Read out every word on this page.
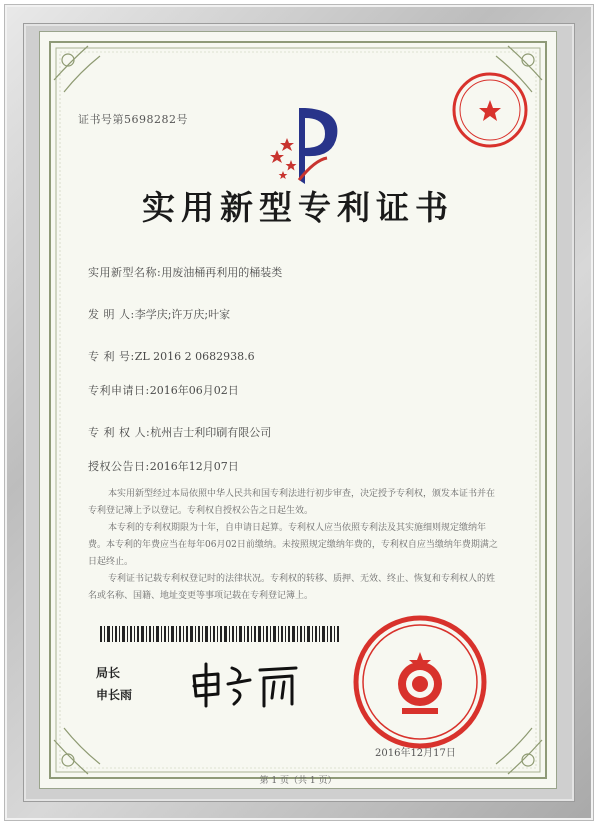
证书号第5698282号
实用新型专利证书
实用新型名称:用废油桶再利用的桶装类
发 明 人:李学庆;许万庆;叶家
专 利 号:ZL 2016 2 0682938.6
专利申请日:2016年06月02日
专 利 权 人:杭州吉士利印刷有限公司
授权公告日:2016年12月07日

本实用新型经过本局依照中华人民共和国专利法进行初步审查，决定授予专利权，颁发本证书并在专利登记簿上予以登记。专利权自授权公告之日起生效。

本专利的专利权期限为十年，自申请日起算。专利权人应当依照专利法及其实施细则规定缴纳年费。本专利的年费应当在每年06月02日前缴纳。未按照规定缴纳年费的，专利权自应当缴纳年费期满之日起终止。

专利证书记载专利权登记时的法律状况。专利权的转移、质押、无效、终止、恢复和专利权人的姓名或名称、国籍、地址变更等事项记载在专利登记簿上。

局长
申长雨
2016年12月17日
第 1 页（共 1 页）
